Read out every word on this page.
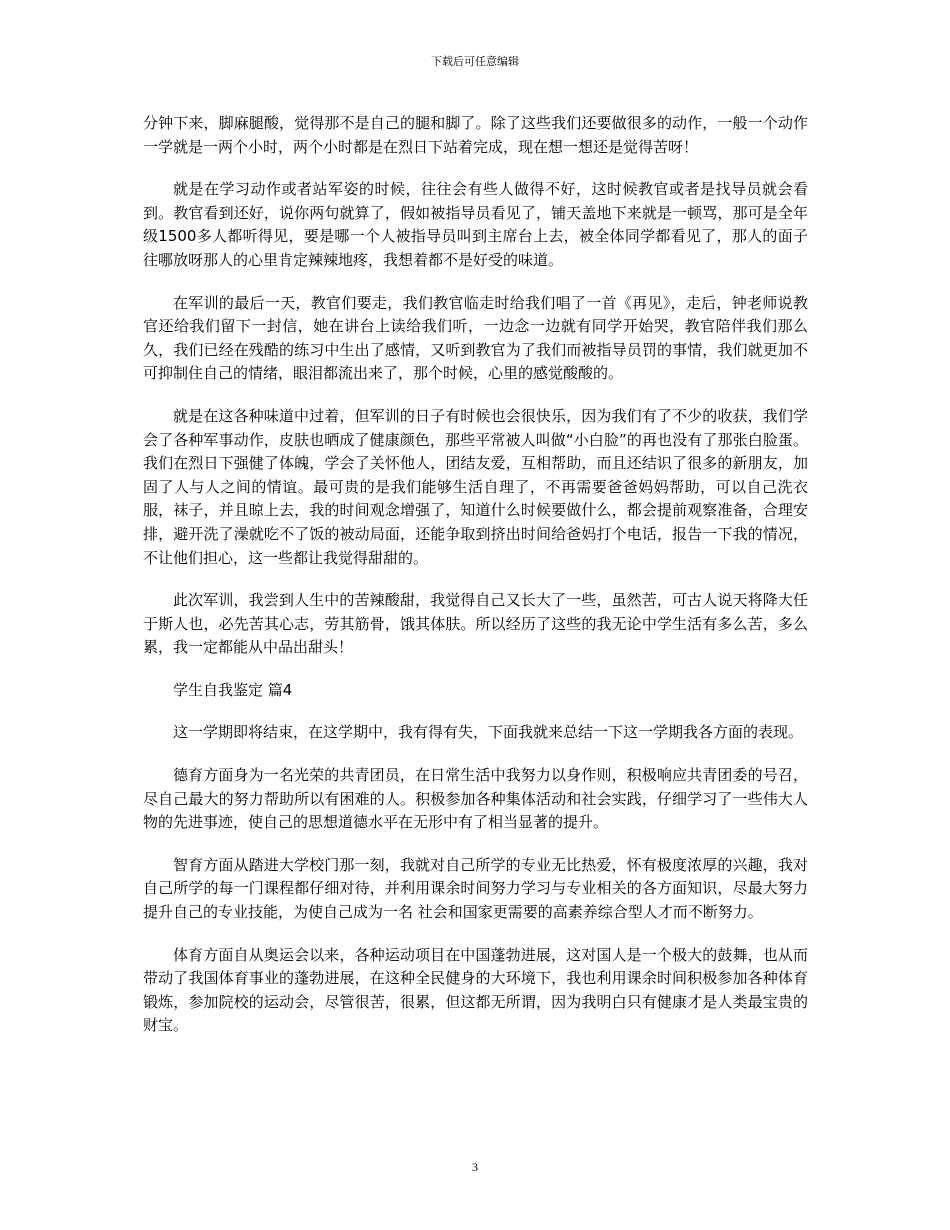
下载后可任意编辑

分钟下来，脚麻腿酸，觉得那不是自己的腿和脚了。除了这些我们还要做很多的动作，一般一个动作一学就是一两个小时，两个小时都是在烈日下站着完成，现在想一想还是觉得苦呀！

就是在学习动作或者站军姿的时候，往往会有些人做得不好，这时候教官或者是找导员就会看到。教官看到还好，说你两句就算了，假如被指导员看见了，铺天盖地下来就是一顿骂，那可是全年级1500多人都听得见，要是哪一个人被指导员叫到主席台上去，被全体同学都看见了，那人的面子往哪放呀那人的心里肯定辣辣地疼，我想着都不是好受的味道。

在军训的最后一天，教官们要走，我们教官临走时给我们唱了一首《再见》，走后，钟老师说教官还给我们留下一封信，她在讲台上读给我们听，一边念一边就有同学开始哭，教官陪伴我们那么久，我们已经在残酷的练习中生出了感情，又听到教官为了我们而被指导员罚的事情，我们就更加不可抑制住自己的情绪，眼泪都流出来了，那个时候，心里的感觉酸酸的。

就是在这各种味道中过着，但军训的日子有时候也会很快乐，因为我们有了不少的收获，我们学会了各种军事动作，皮肤也晒成了健康颜色，那些平常被人叫做“小白脸”的再也没有了那张白脸蛋。我们在烈日下强健了体魄，学会了关怀他人，团结友爱，互相帮助，而且还结识了很多的新朋友，加固了人与人之间的情谊。最可贵的是我们能够生活自理了，不再需要爸爸妈妈帮助，可以自己洗衣服，袜子，并且晾上去，我的时间观念增强了，知道什么时候要做什么，都会提前观察准备，合理安排，避开洗了澡就吃不了饭的被动局面，还能争取到挤出时间给爸妈打个电话，报告一下我的情况，不让他们担心，这一些都让我觉得甜甜的。

此次军训，我尝到人生中的苦辣酸甜，我觉得自己又长大了一些，虽然苦，可古人说天将降大任于斯人也，必先苦其心志，劳其筋骨，饿其体肤。所以经历了这些的我无论中学生活有多么苦，多么累，我一定都能从中品出甜头！

学生自我鉴定 篇4

这一学期即将结束，在这学期中，我有得有失，下面我就来总结一下这一学期我各方面的表现。

德育方面身为一名光荣的共青团员，在日常生活中我努力以身作则，积极响应共青团委的号召，尽自己最大的努力帮助所以有困难的人。积极参加各种集体活动和社会实践，仔细学习了一些伟大人物的先进事迹，使自己的思想道德水平在无形中有了相当显著的提升。

智育方面从踏进大学校门那一刻，我就对自己所学的专业无比热爱，怀有极度浓厚的兴趣，我对自己所学的每一门课程都仔细对待，并利用课余时间努力学习与专业相关的各方面知识，尽最大努力提升自己的专业技能，为使自己成为一名 社会和国家更需要的高素养综合型人才而不断努力。

体育方面自从奥运会以来，各种运动项目在中国蓬勃进展，这对国人是一个极大的鼓舞，也从而带动了我国体育事业的蓬勃进展，在这种全民健身的大环境下，我也利用课余时间积极参加各种体育锻炼，参加院校的运动会，尽管很苦，很累，但这都无所谓，因为我明白只有健康才是人类最宝贵的财宝。

3
